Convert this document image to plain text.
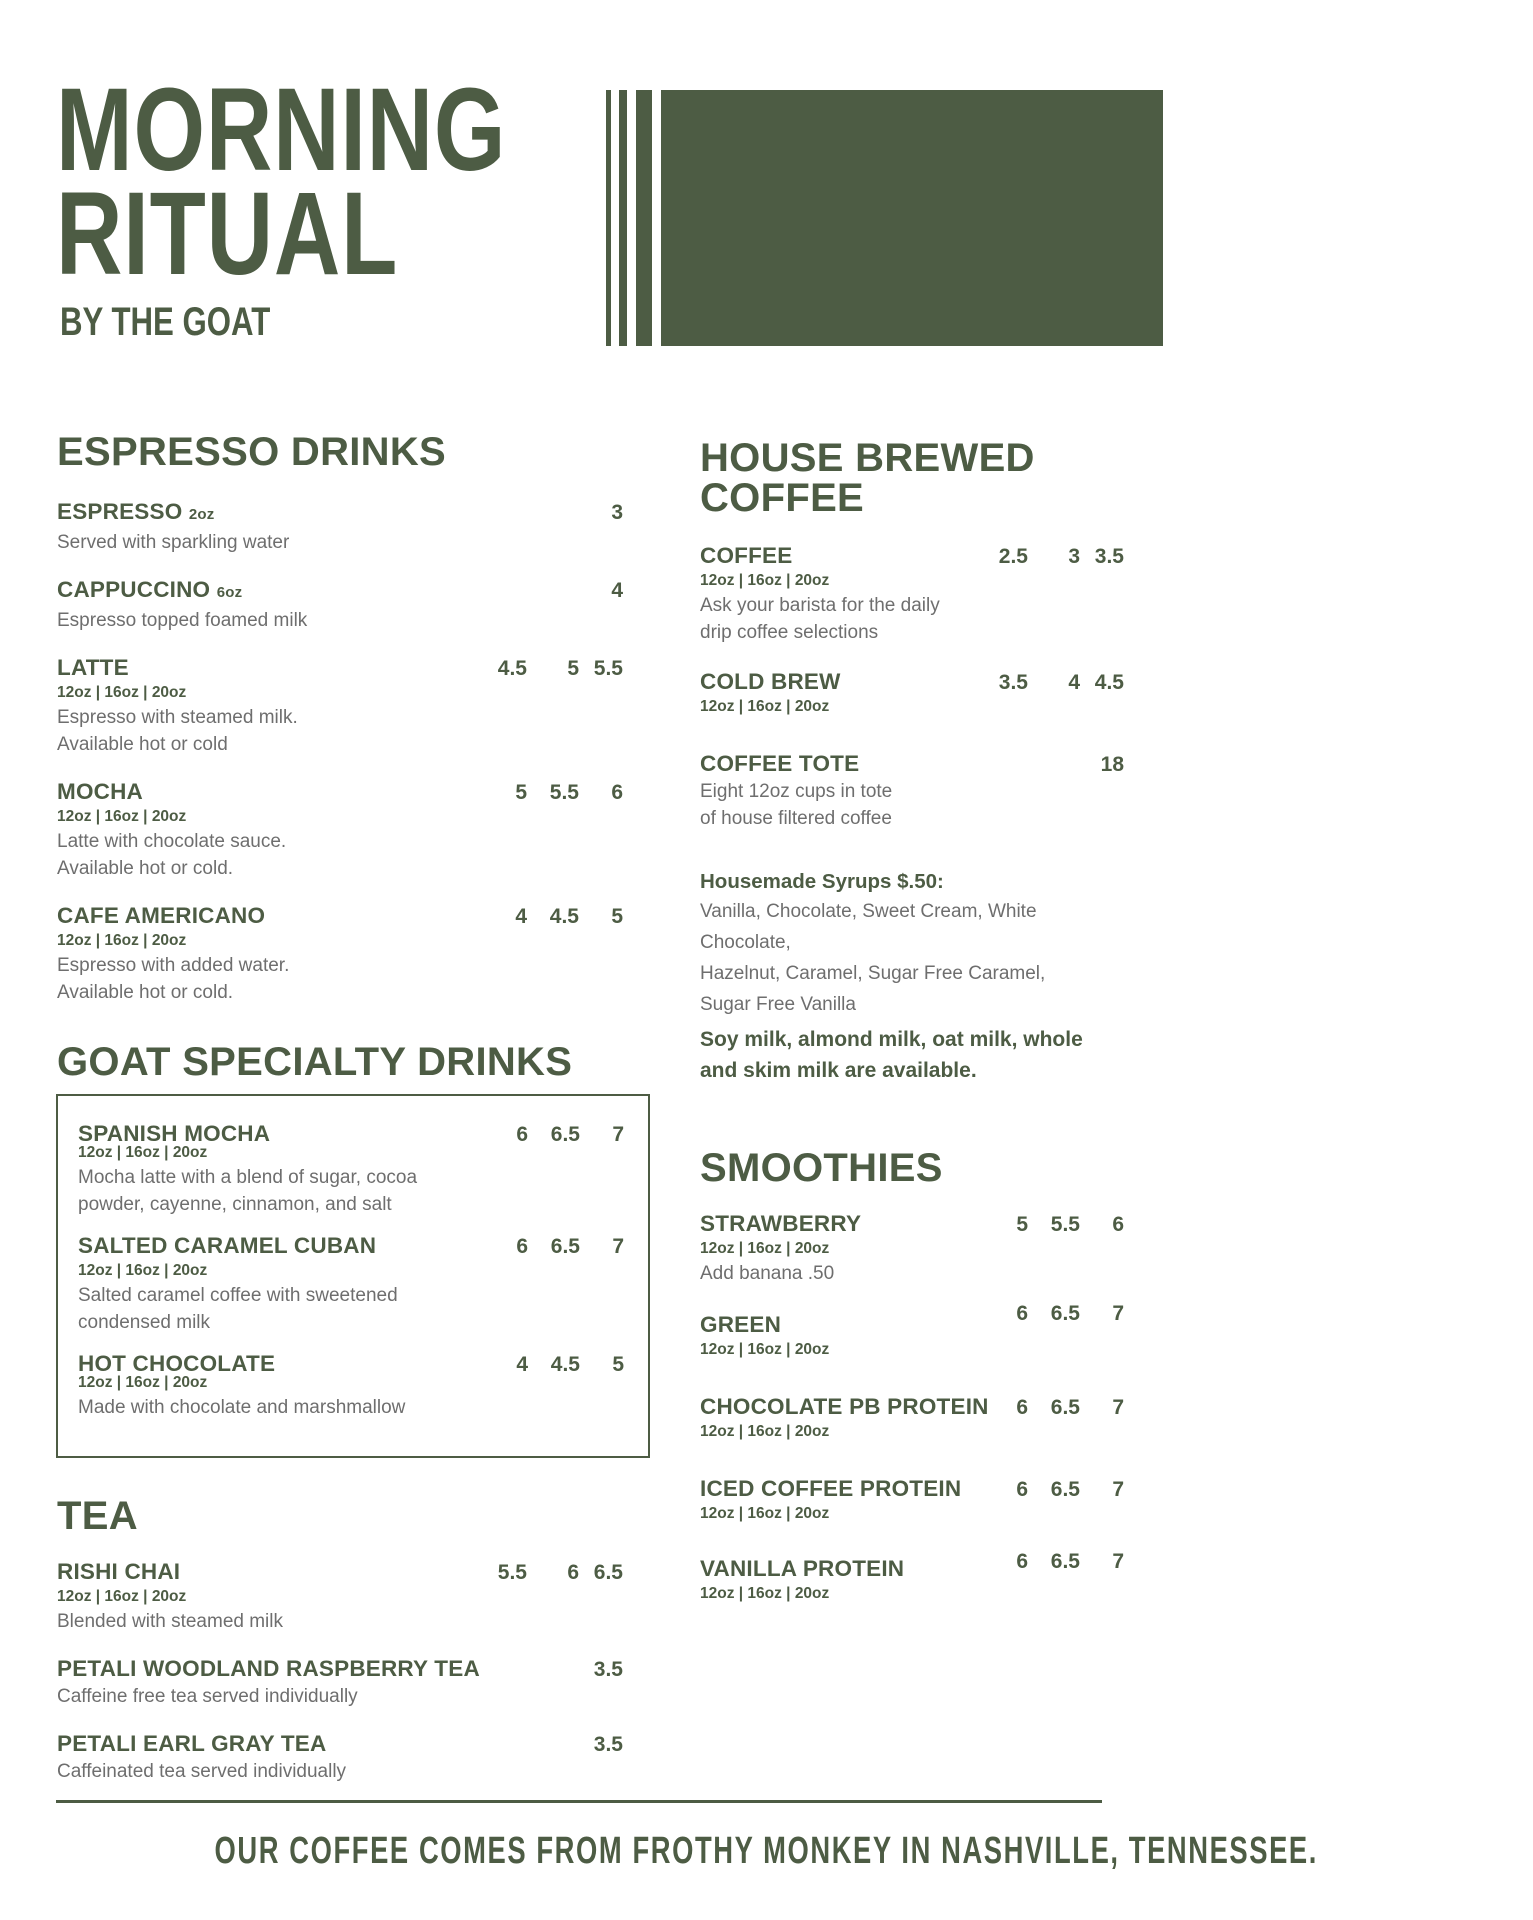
MORNING
RITUAL
BY THE GOAT
ESPRESSO DRINKS
ESPRESSO 2oz
Served with sparkling water
3
CAPPUCCINO 6oz
Espresso topped foamed milk
4
LATTE
12oz | 16oz | 20oz
Espresso with steamed milk.
Available hot or cold
4.5	5 5.5
MOCHA
12oz | 16oz | 20oz
Latte with chocolate sauce.
Available hot or cold.
5	5.5	6
CAFE AMERICANO
12oz | 16oz | 20oz
Espresso with added water.
Available hot or cold.
4	4.5	5
GOAT SPECIALTY DRINKS
SPANISH MOCHA
12oz | 16oz | 20oz
Mocha latte with a blend of sugar, cocoa
powder, cayenne, cinnamon, and salt
6	6.5	7
SALTED CARAMEL CUBAN
12oz | 16oz | 20oz
Salted caramel coffee with sweetened
condensed milk
6	6.5	7
HOT CHOCOLATE
12oz | 16oz | 20oz
Made with chocolate and marshmallow
4	4.5	5
TEA
RISHI CHAI
12oz | 16oz | 20oz
Blended with steamed milk
5.5	6 6.5
PETALI WOODLAND RASPBERRY TEA
Caffeine free tea served individually
3.5
PETALI EARL GRAY TEA
Caffeinated tea served individually
3.5
HOUSE BREWED
COFFEE
COFFEE
12oz | 16oz | 20oz
Ask your barista for the daily
drip coffee selections
2.5	3 3.5
COLD BREW
12oz | 16oz | 20oz
3.5	4 4.5
COFFEE TOTE
Eight 12oz cups in tote
of house filtered coffee
18
Housemade Syrups $.50:
Vanilla, Chocolate, Sweet Cream, White Chocolate,
Hazelnut, Caramel, Sugar Free Caramel,
Sugar Free Vanilla
Soy milk, almond milk, oat milk, whole
and skim milk are available.
SMOOTHIES
STRAWBERRY
12oz | 16oz | 20oz
Add banana .50
5	5.5	6
GREEN
12oz | 16oz | 20oz
6	6.5	7
CHOCOLATE PB PROTEIN
12oz | 16oz | 20oz
6	6.5	7
ICED COFFEE PROTEIN
12oz | 16oz | 20oz
6	6.5	7
VANILLA PROTEIN
12oz | 16oz | 20oz
6	6.5	7
OUR COFFEE COMES FROM FROTHY MONKEY IN NASHVILLE, TENNESSEE.
